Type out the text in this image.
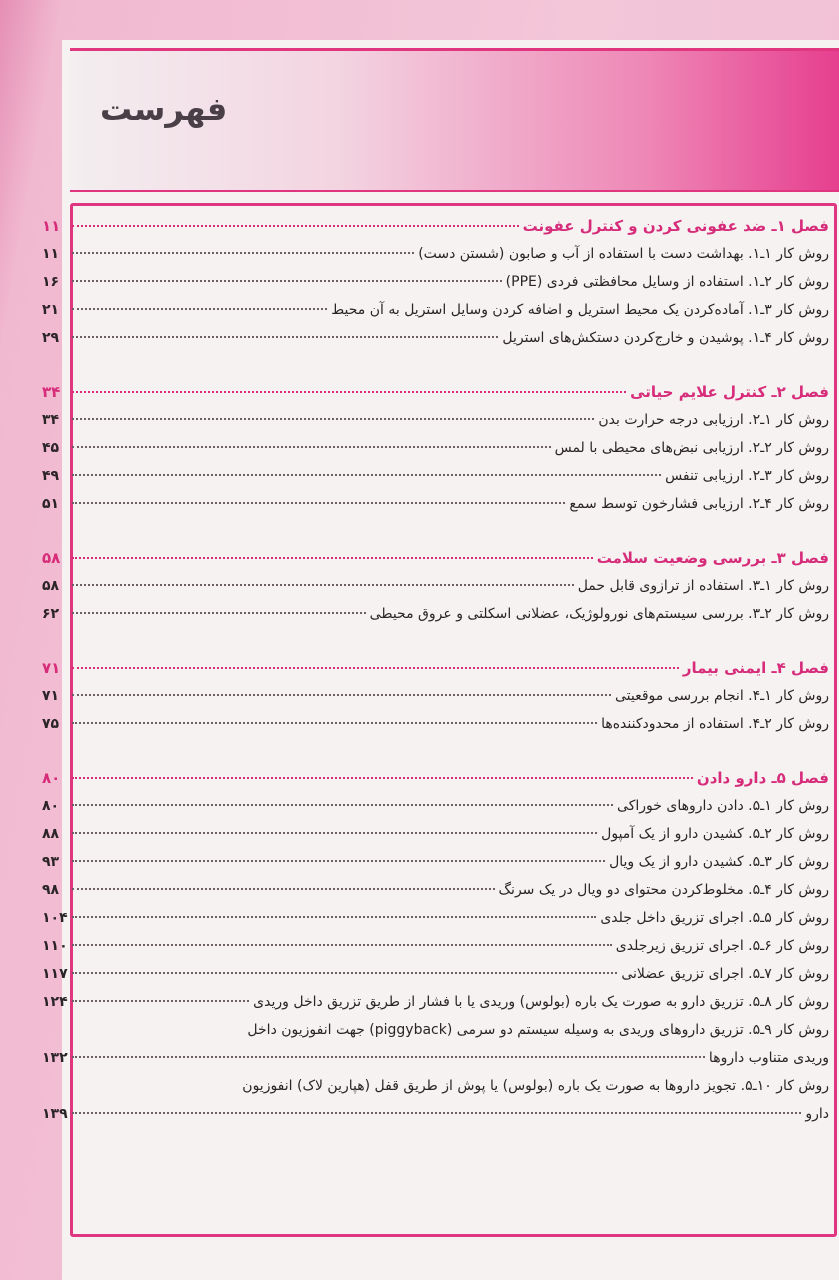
فهرست
فصل ۱ـ ضد عفونی کردن و کنترل عفونت
۱۱
روش کار ۱ـ۱. بهداشت دست با استفاده از آب و صابون (شستن دست)
۱۱
روش کار ۲ـ۱. استفاده از وسایل محافظتی فردی (PPE)
۱۶
روش کار ۳ـ۱. آماده‌کردن یک محیط استریل و اضافه کردن وسایل استریل به آن محیط
۲۱
روش کار ۴ـ۱. پوشیدن و خارج‌کردن دستکش‌های استریل
۲۹
فصل ۲ـ کنترل علایم حیاتی
۳۴
روش کار ۱ـ۲. ارزیابی درجه حرارت بدن
۳۴
روش کار ۲ـ۲. ارزیابی نبض‌های محیطی با لمس
۴۵
روش کار ۳ـ۲. ارزیابی تنفس
۴۹
روش کار ۴ـ۲. ارزیابی فشارخون توسط سمع
۵۱
فصل ۳ـ بررسی وضعیت سلامت
۵۸
روش کار ۱ـ۳. استفاده از ترازوی قابل حمل
۵۸
روش کار ۲ـ۳. بررسی سیستم‌های نورولوژیک، عضلانی اسکلتی و عروق محیطی
۶۲
فصل ۴ـ ایمنی بیمار
۷۱
روش کار ۱ـ۴. انجام بررسی موقعیتی
۷۱
روش کار ۲ـ۴. استفاده از محدودکننده‌ها
۷۵
فصل ۵ـ دارو دادن
۸۰
روش کار ۱ـ۵. دادن داروهای خوراکی
۸۰
روش کار ۲ـ۵. کشیدن دارو از یک آمپول
۸۸
روش کار ۳ـ۵. کشیدن دارو از یک ویال
۹۳
روش کار ۴ـ۵. مخلوط‌کردن محتوای دو ویال در یک سرنگ
۹۸
روش کار ۵ـ۵. اجرای تزریق داخل جلدی
۱۰۴
روش کار ۶ـ۵. اجرای تزریق زیرجلدی
۱۱۰
روش کار ۷ـ۵. اجرای تزریق عضلانی
۱۱۷
روش کار ۸ـ۵. تزریق دارو به صورت یک باره (بولوس) وریدی یا با فشار از طریق تزریق داخل وریدی
۱۲۴
روش کار ۹ـ۵. تزریق داروهای وریدی به وسیله سیستم دو سرمی (piggyback) جهت انفوزیون داخل
وریدی متناوب داروها
۱۳۲
روش کار ۱۰ـ۵. تجویز داروها به صورت یک باره (بولوس) یا پوش از طریق قفل (هپارین لاک) انفوزیون
دارو
۱۳۹
